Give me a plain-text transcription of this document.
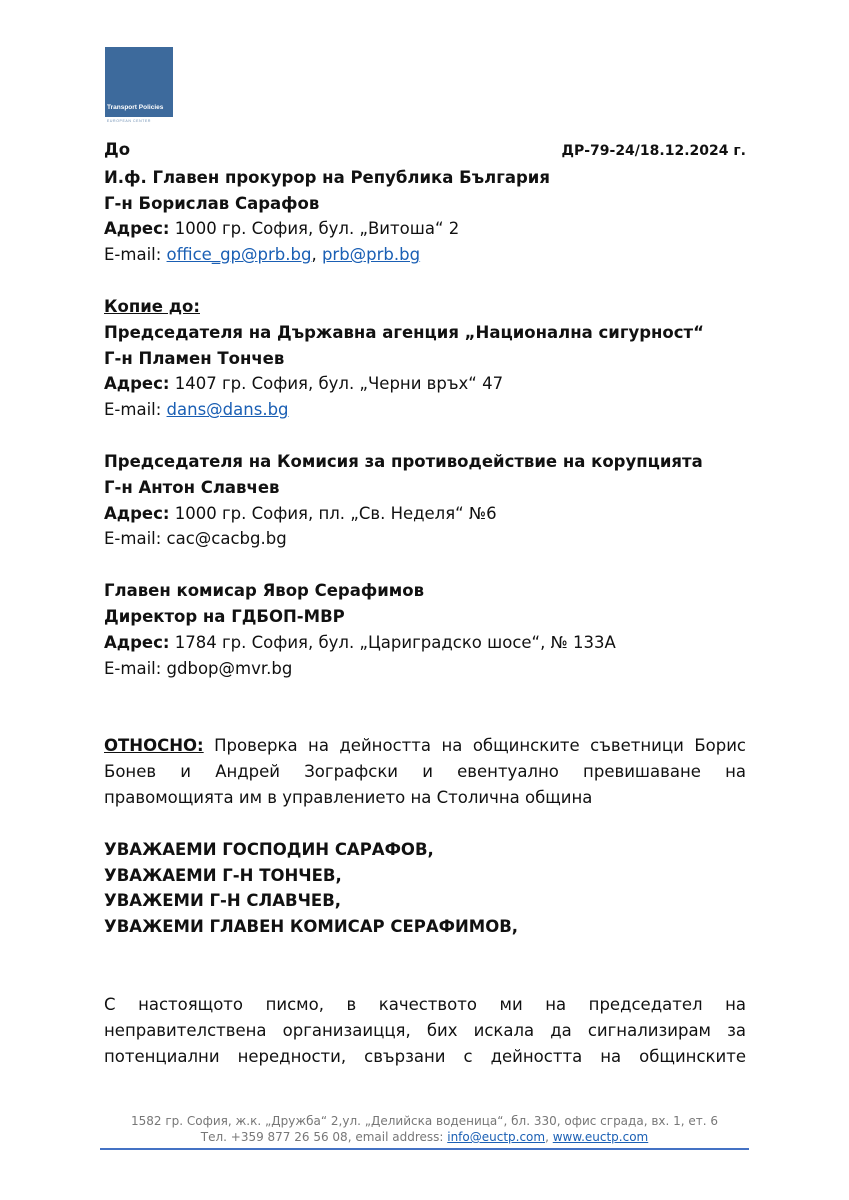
Transport Policies
EUROPEAN CENTER
До	ДР-79-24/18.12.2024 г.
И.ф. Главен прокурор на Република България
Г-н Борислав Сарафов
Адрес: 1000 гр. София, бул. „Витоша“ 2
E-mail: office_gp@prb.bg, prb@prb.bg
Копие до:
Председателя на Държавна агенция „Национална сигурност“
Г-н Пламен Тончев
Адрес: 1407 гр. София, бул. „Черни връх“ 47
E-mail: dans@dans.bg
Председателя на Комисия за противодействие на корупцията
Г-н Антон Славчев
Адрес: 1000 гр. София, пл. „Св. Неделя“ №6
E-mail: cac@cacbg.bg
Главен комисар Явор Серафимов
Директор на ГДБОП-МВР
Адрес: 1784 гр. София, бул. „Цариградско шосе“, № 133А
E-mail: gdbop@mvr.bg
ОТНОСНО: Проверка на дейността на общинските съветници Борис
Бонев и Андрей Зографски и евентуално превишаване на
правомощията им в управлението на Столична община
УВАЖАЕМИ ГОСПОДИН САРАФОВ,
УВАЖАЕМИ Г-Н ТОНЧЕВ,
УВАЖЕМИ Г-Н СЛАВЧЕВ,
УВАЖЕМИ ГЛАВЕН КОМИСАР СЕРАФИМОВ,
С настоящото писмо, в качеството ми на председател на
неправителствена организаицця, бих искала да сигнализирам за
потенциални нередности, свързани с дейността на общинските
1582 гр. София, ж.к. „Дружба“ 2,ул. „Делийска воденица“, бл. 330, офис сграда, вх. 1, ет. 6
Тел. +359 877 26 56 08, email address: info@euctp.com, www.euctp.com
